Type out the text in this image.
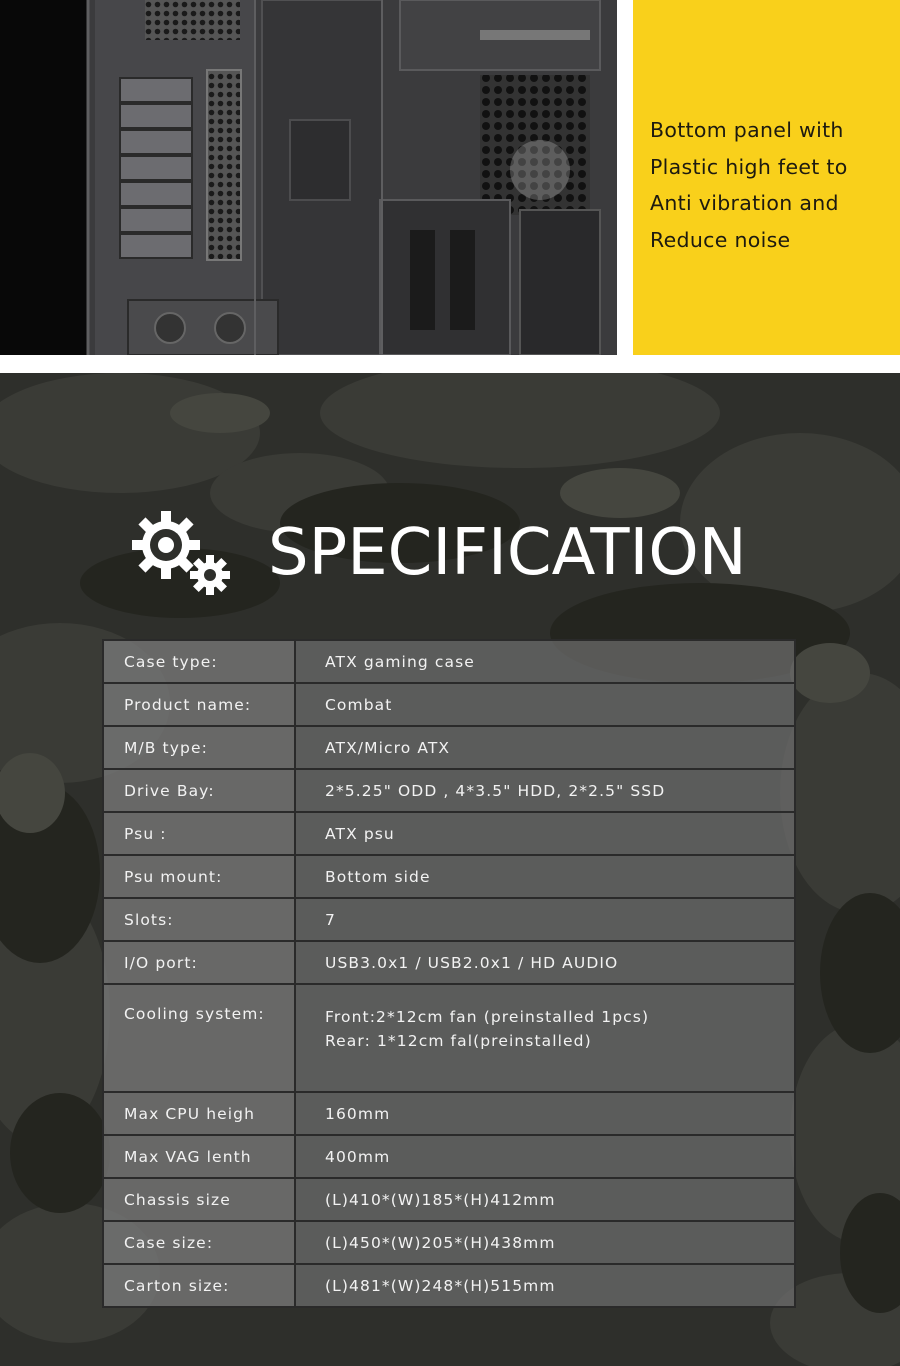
Bottom panel with
Plastic high feet to
Anti vibration and
Reduce noise
SPECIFICATION
Case type:	ATX gaming case
Product name:	Combat
M/B type:	ATX/Micro ATX
Drive Bay:	2*5.25" ODD , 4*3.5" HDD, 2*2.5" SSD
Psu :	ATX psu
Psu mount:	Bottom side
Slots:	7
I/O port:	USB3.0x1 / USB2.0x1 / HD AUDIO
Cooling system:	Front:2*12cm fan (preinstalled 1pcs)
Rear: 1*12cm fal(preinstalled)

Max CPU heigh	160mm
Max VAG lenth	400mm
Chassis size	(L)410*(W)185*(H)412mm
Case size:	(L)450*(W)205*(H)438mm
Carton size:	(L)481*(W)248*(H)515mm
